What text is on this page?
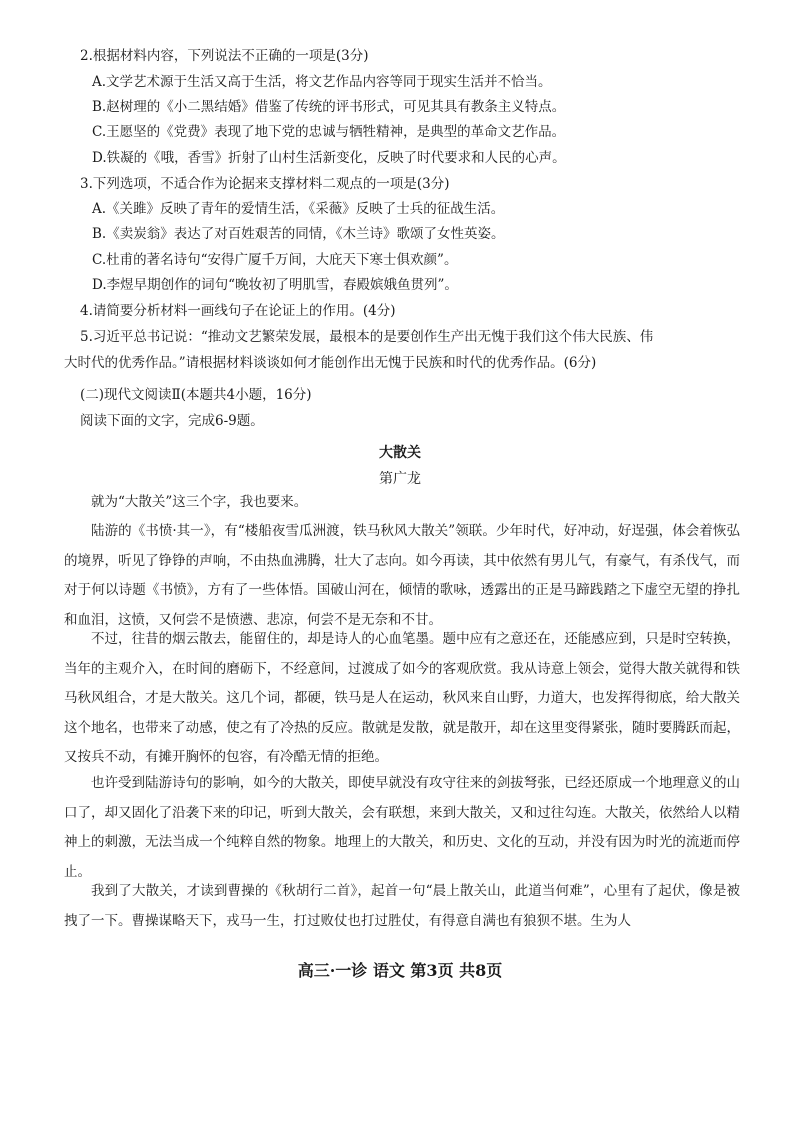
2.根据材料内容，下列说法不正确的一项是(3分)
A.文学艺术源于生活又高于生活，将文艺作品内容等同于现实生活并不恰当。
B.赵树理的《小二黑结婚》借鉴了传统的评书形式，可见其具有教条主义特点。
C.王愿坚的《党费》表现了地下党的忠诚与牺牲精神，是典型的革命文艺作品。
D.铁凝的《哦，香雪》折射了山村生活新变化，反映了时代要求和人民的心声。
3.下列选项，不适合作为论据来支撑材料二观点的一项是(3分)
A.《关雎》反映了青年的爱情生活，《采薇》反映了士兵的征战生活。
B.《卖炭翁》表达了对百姓艰苦的同情，《木兰诗》歌颂了女性英姿。
C.杜甫的著名诗句“安得广厦千万间，大庇天下寒士俱欢颜”。
D.李煜早期创作的词句“晚妆初了明肌雪，春殿嫔娥鱼贯列”。
4.请简要分析材料一画线句子在论证上的作用。(4分)
5.习近平总书记说：“推动文艺繁荣发展，最根本的是要创作生产出无愧于我们这个伟大民族、伟
大时代的优秀作品。”请根据材料谈谈如何才能创作出无愧于民族和时代的优秀作品。(6分)
(二)现代文阅读Ⅱ(本题共4小题，16分)
阅读下面的文字，完成6-9题。
大散关
第广龙
就为“大散关”这三个字，我也要来。
陆游的《书愤·其一》，有“楼船夜雪瓜洲渡，铁马秋风大散关”领联。少年时代，好冲动，好逞强，体会着恢弘的境界，听见了铮铮的声响，不由热血沸腾，壮大了志向。如今再读，其中依然有男儿气，有豪气，有杀伐气，而对于何以诗题《书愤》，方有了一些体悟。国破山河在，倾情的歌咏，透露出的正是马蹄践踏之下虚空无望的挣扎和血泪，这愤，又何尝不是愤懑、悲凉，何尝不是无奈和不甘。
不过，往昔的烟云散去，能留住的，却是诗人的心血笔墨。题中应有之意还在，还能感应到，只是时空转换，当年的主观介入，在时间的磨砺下，不经意间，过渡成了如今的客观欣赏。我从诗意上领会，觉得大散关就得和铁马秋风组合，才是大散关。这几个词，都硬，铁马是人在运动，秋风来自山野，力道大，也发挥得彻底，给大散关这个地名，也带来了动感，使之有了冷热的反应。散就是发散，就是散开，却在这里变得紧张，随时要腾跃而起，又按兵不动，有摊开胸怀的包容，有冷酷无情的拒绝。
也许受到陆游诗句的影响，如今的大散关，即使早就没有攻守往来的剑拔弩张，已经还原成一个地理意义的山口了，却又固化了沿袭下来的印记，听到大散关，会有联想，来到大散关，又和过往勾连。大散关，依然给人以精神上的刺激，无法当成一个纯粹自然的物象。地理上的大散关，和历史、文化的互动，并没有因为时光的流逝而停止。
我到了大散关，才读到曹操的《秋胡行二首》，起首一句“晨上散关山，此道当何难”，心里有了起伏，像是被拽了一下。曹操谋略天下，戎马一生，打过败仗也打过胜仗，有得意自满也有狼狈不堪。生为人
高三·一诊 语文 第3页 共8页
